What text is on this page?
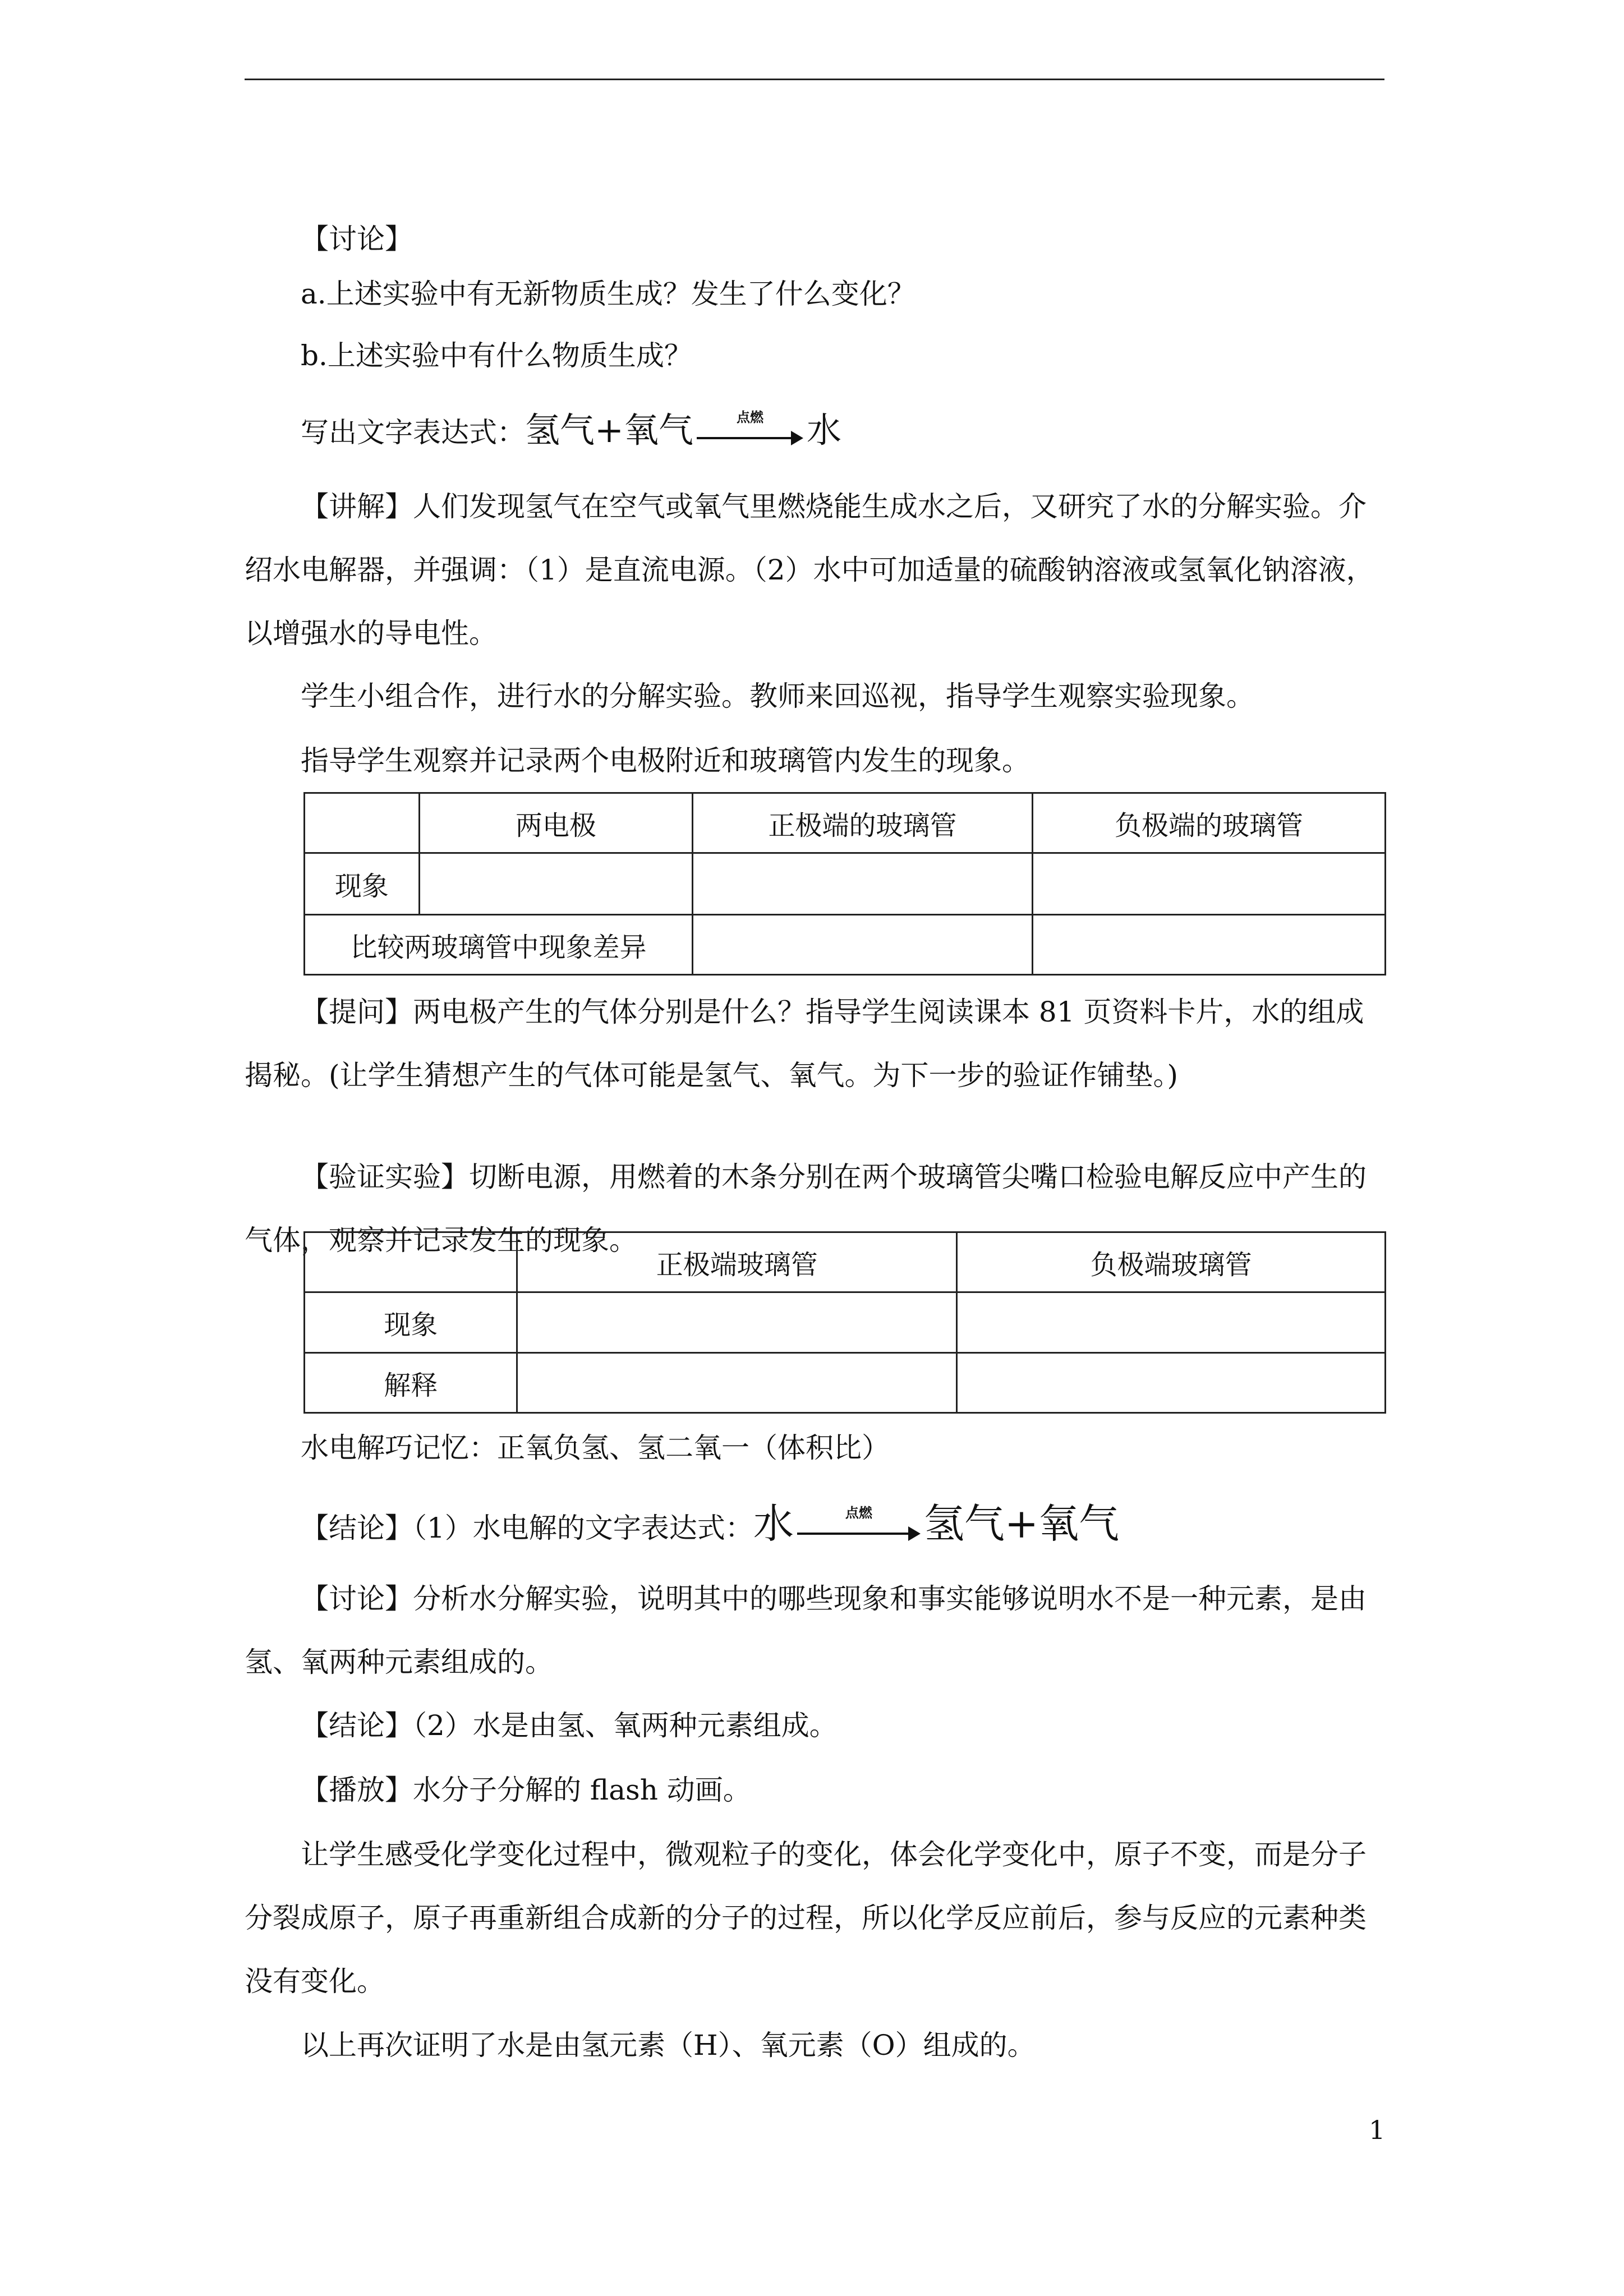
【讨论】

a.上述实验中有无新物质生成？发生了什么变化？

b.上述实验中有什么物质生成？

写出文字表达式：氢气+氧气	点燃 水

【讲解】人们发现氢气在空气或氧气里燃烧能生成水之后，又研究了水的分解实验。介绍水电解器，并强调：（1）是直流电源。（2）水中可加适量的硫酸钠溶液或氢氧化钠溶液，以增强水的导电性。

学生小组合作，进行水的分解实验。教师来回巡视，指导学生观察实验现象。

指导学生观察并记录两个电极附近和玻璃管内发生的现象。

	两电极	正极端的玻璃管	负极端的玻璃管
现象			
比较两玻璃管中现象差异			

【提问】两电极产生的气体分别是什么？指导学生阅读课本 81 页资料卡片，水的组成揭秘。(让学生猜想产生的气体可能是氢气、氧气。为下一步的验证作铺垫。)

【验证实验】切断电源，用燃着的木条分别在两个玻璃管尖嘴口检验电解反应中产生的气体，观察并记录发生的现象。

	正极端玻璃管	负极端玻璃管
现象		
解释		

水电解巧记忆：正氧负氢、氢二氧一（体积比）

【结论】（1）水电解的文字表达式：水	点燃 氢气+氧气

【讨论】分析水分解实验，说明其中的哪些现象和事实能够说明水不是一种元素，是由氢、氧两种元素组成的。

【结论】（2）水是由氢、氧两种元素组成。

【播放】水分子分解的 flash 动画。

让学生感受化学变化过程中，微观粒子的变化，体会化学变化中，原子不变，而是分子分裂成原子，原子再重新组合成新的分子的过程，所以化学反应前后，参与反应的元素种类没有变化。

以上再次证明了水是由氢元素（H）、氧元素（O）组成的。

1
